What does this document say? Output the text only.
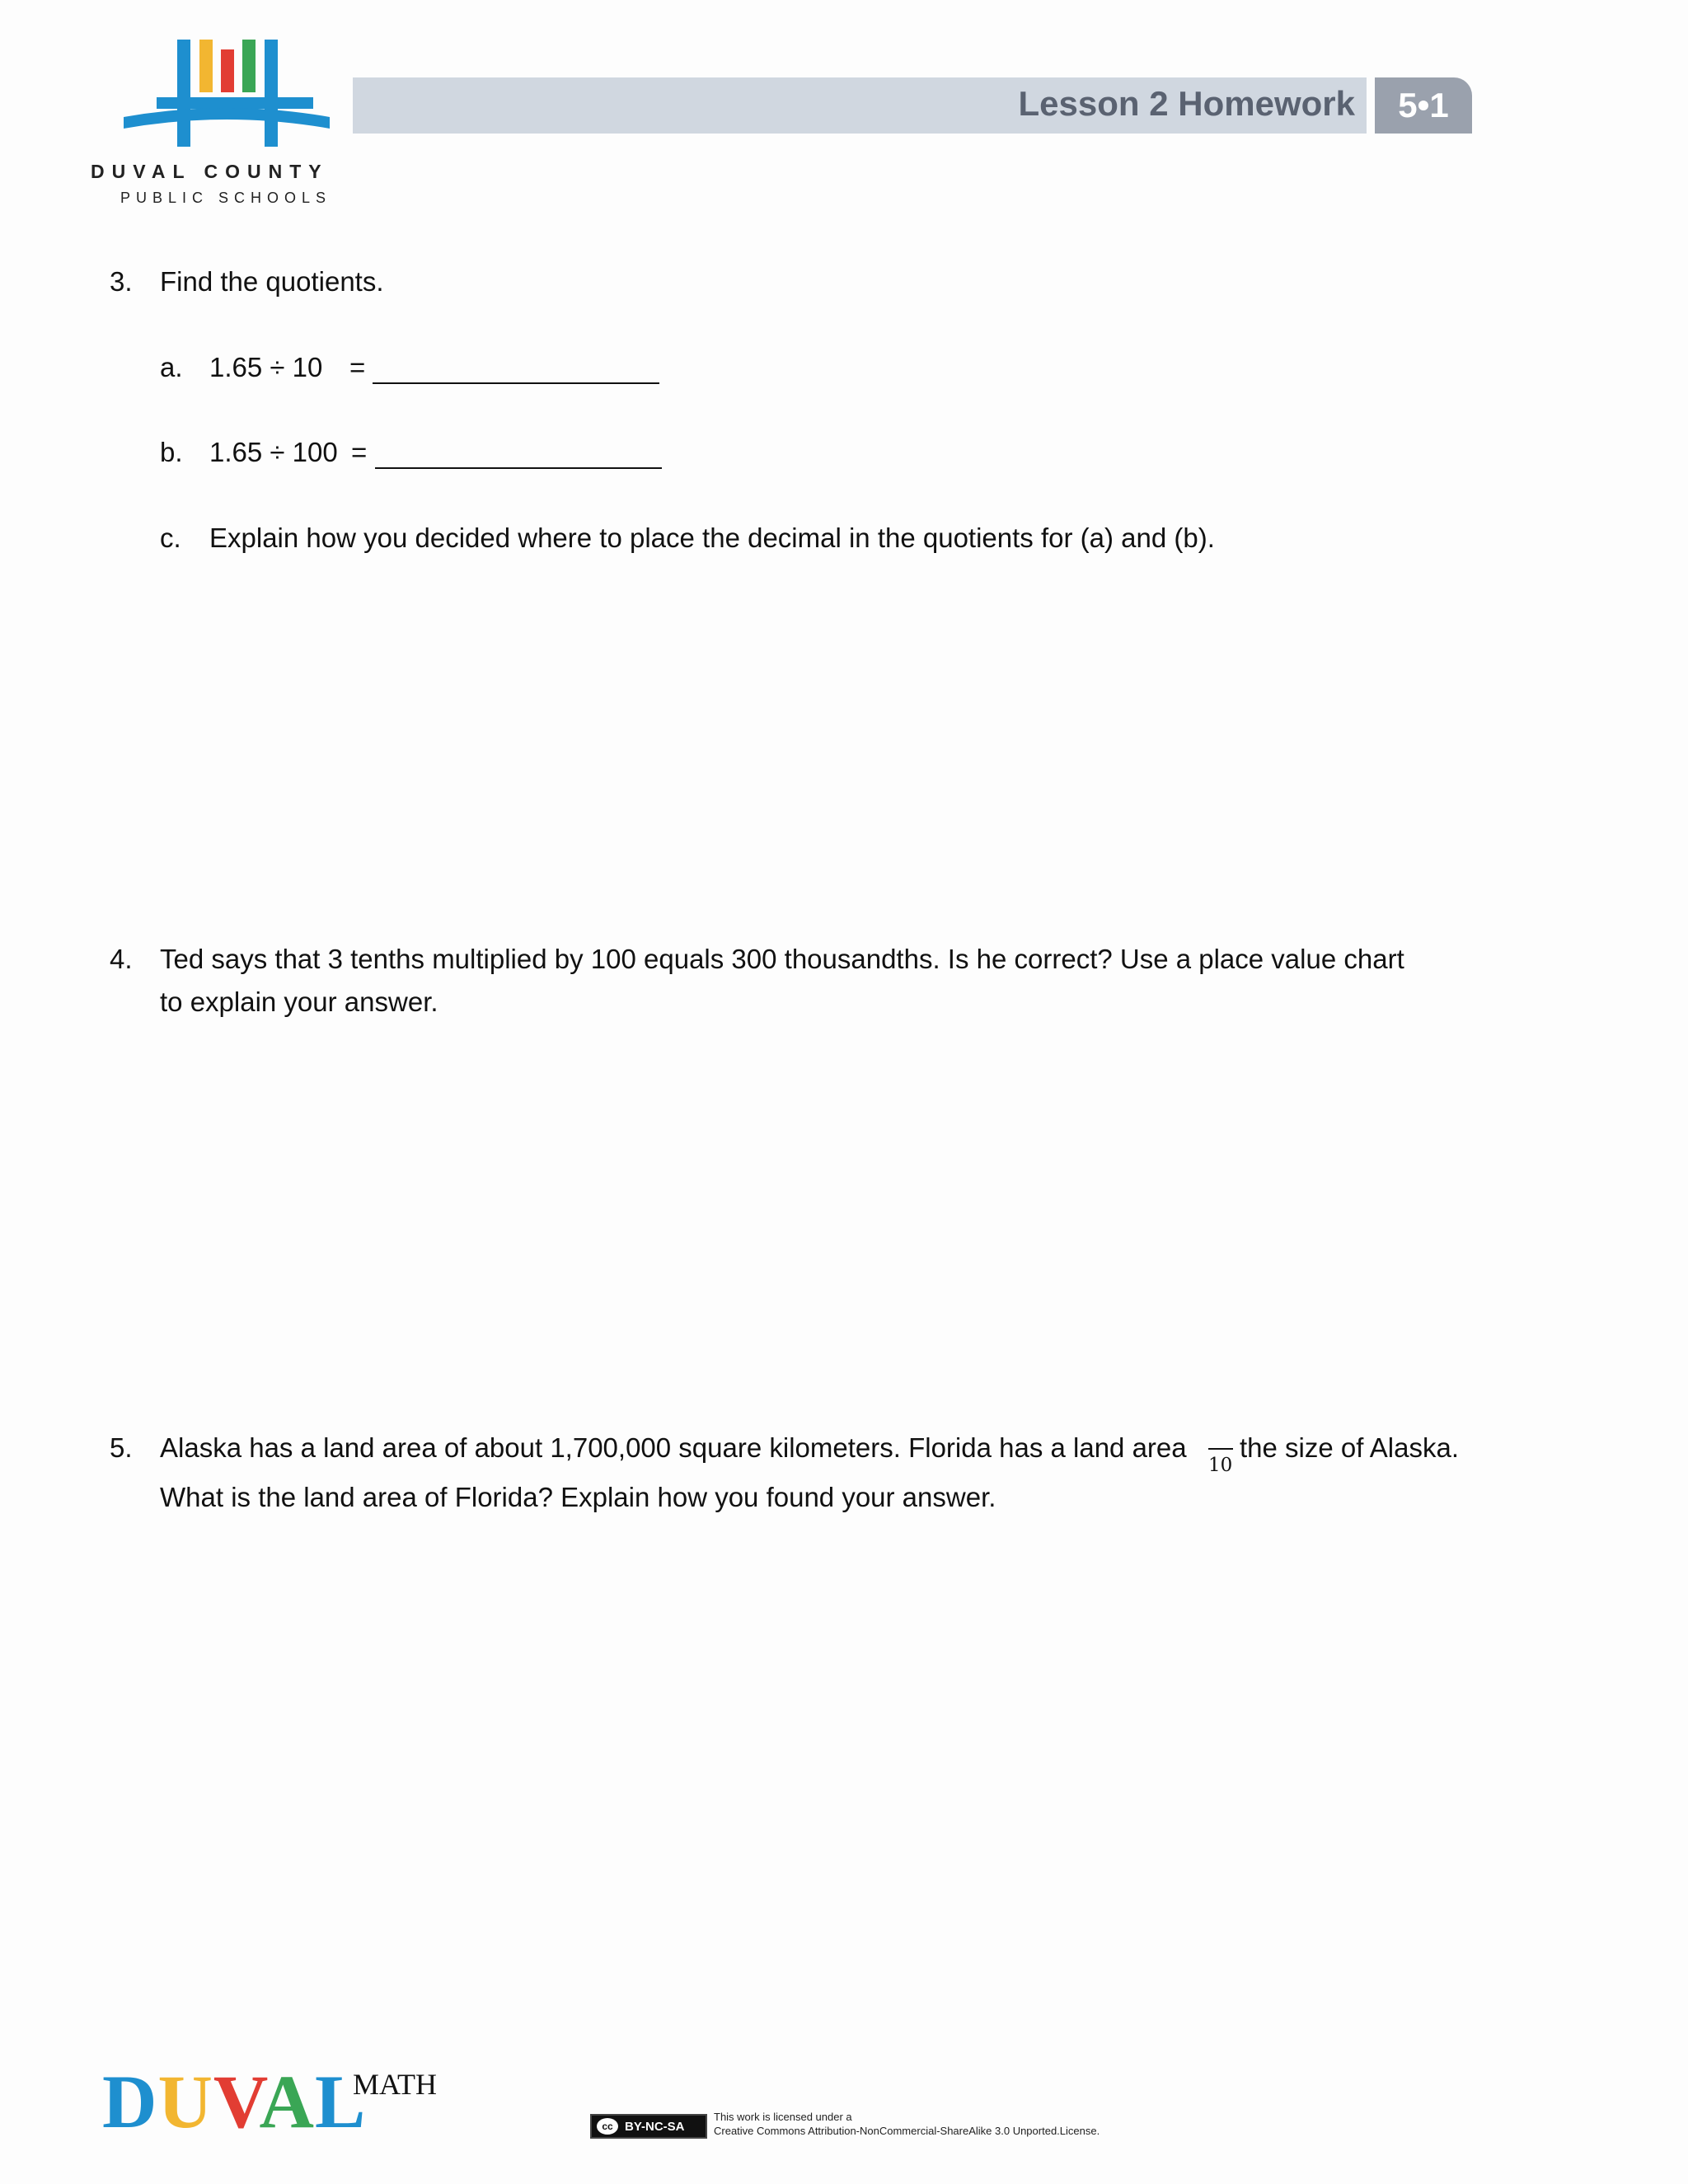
DUVAL COUNTY
PUBLIC SCHOOLS
Lesson 2 Homework	5•1
3. Find the quotients.
a. 1.65 ÷ 10 =
b. 1.65 ÷ 100 =
c. Explain how you decided where to place the decimal in the quotients for (a) and (b).
4. Ted says that 3 tenths multiplied by 100 equals 300 thousandths. Is he correct? Use a place value chart
to explain your answer.
5. Alaska has a land area of about 1,700,000 square kilometers. Florida has a land area
10
the size of Alaska.
What is the land area of Florida? Explain how you found your answer.
DUVAL
MATH
cc BY-NC-SA
This work is licensed under a
Creative Commons Attribution-NonCommercial-ShareAlike 3.0 Unported.License.
